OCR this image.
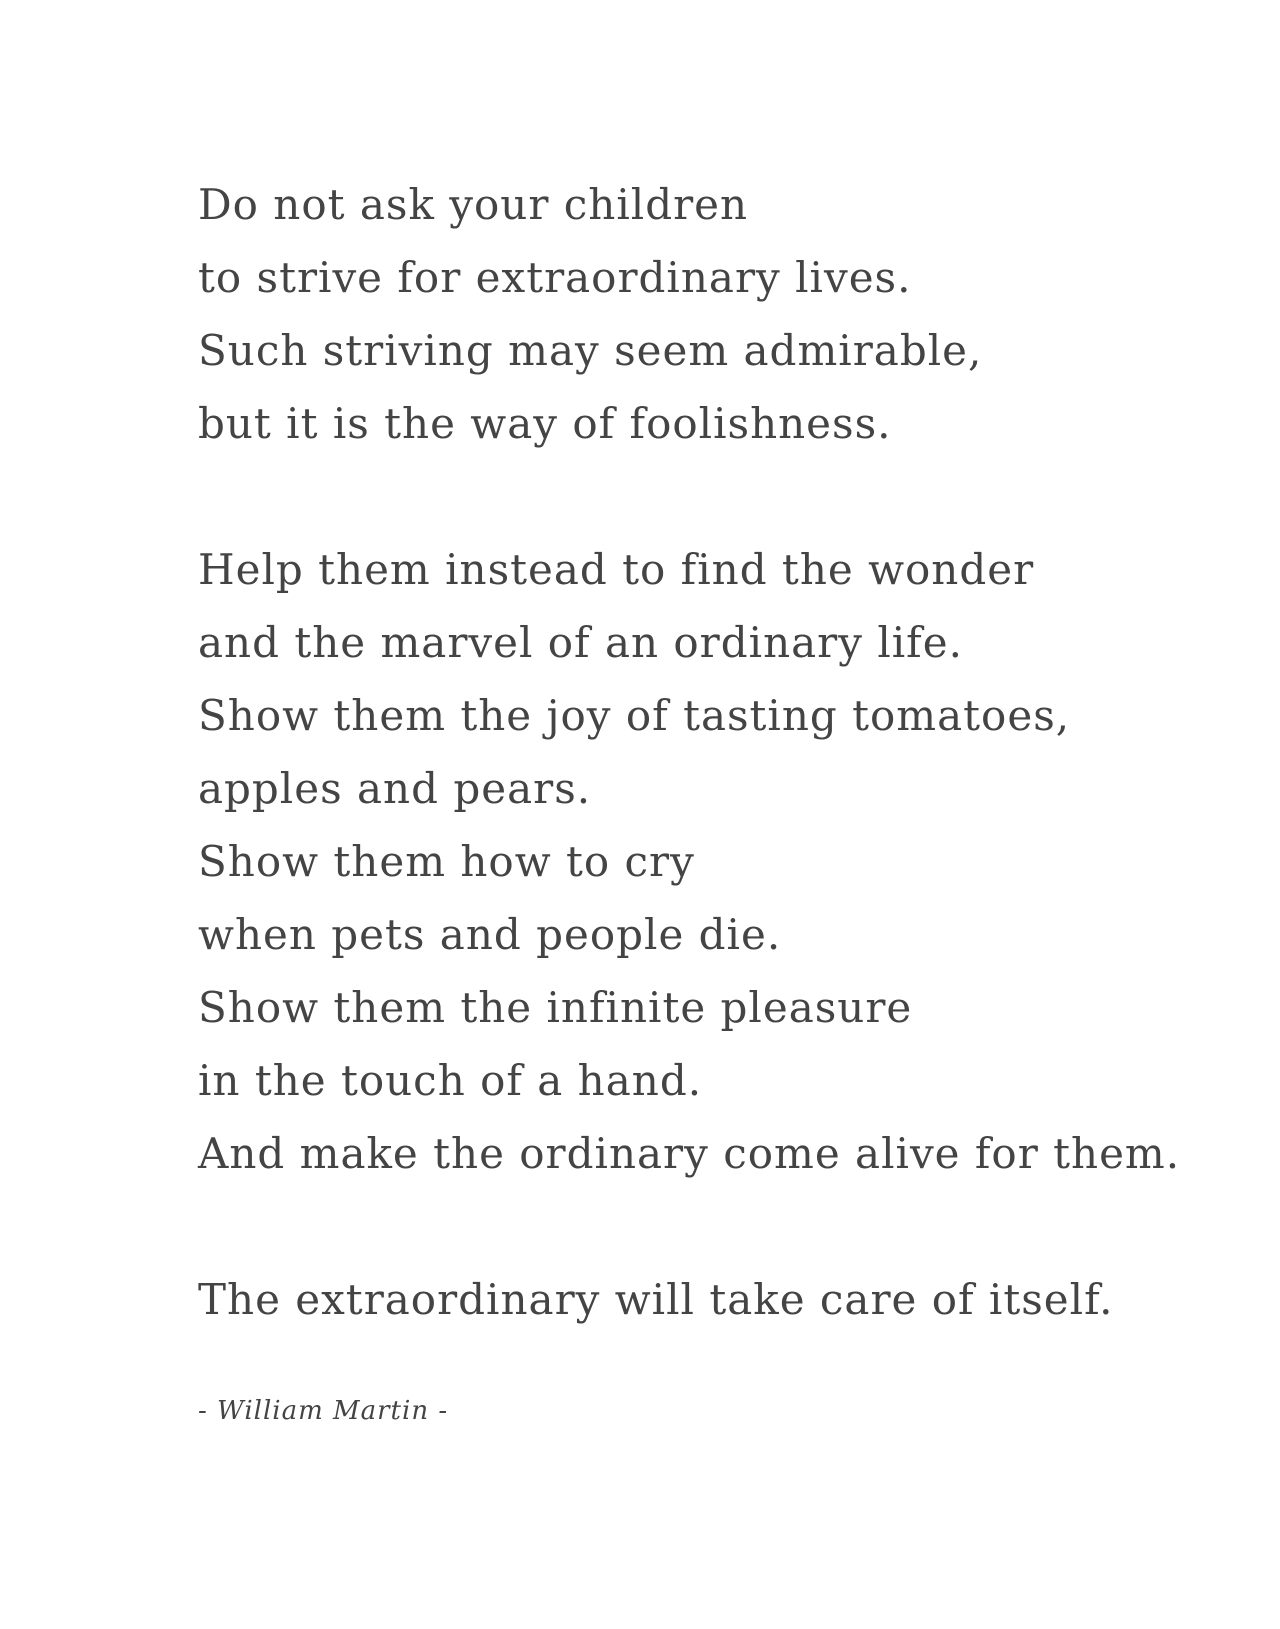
Do not ask your children
to strive for extraordinary lives.
Such striving may seem admirable,
but it is the way of foolishness.
Help them instead to find the wonder
and the marvel of an ordinary life.
Show them the joy of tasting tomatoes,
apples and pears.
Show them how to cry
when pets and people die.
Show them the infinite pleasure
in the touch of a hand.
And make the ordinary come alive for them.
The extraordinary will take care of itself.
- William Martin -
